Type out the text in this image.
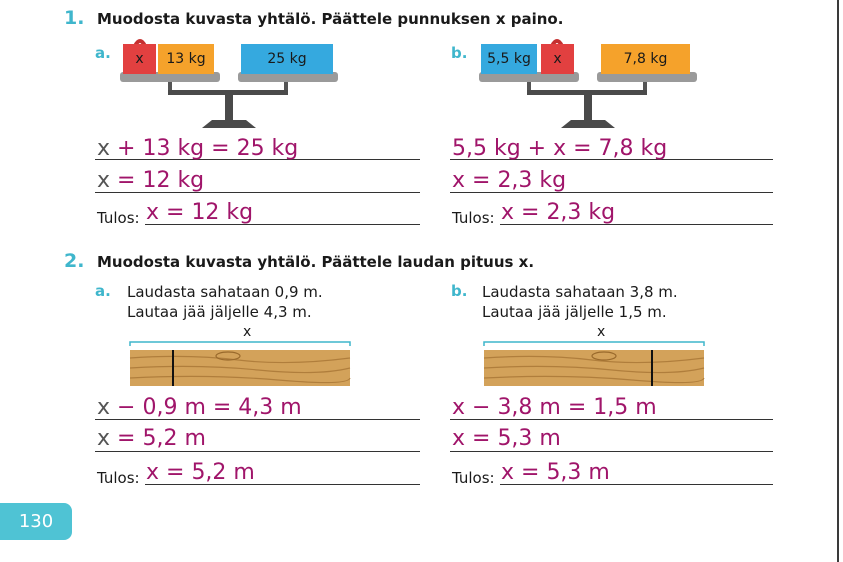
1. Muodosta kuvasta yhtälö. Päättele punnuksen x paino.
a.	x	13 kg	25 kg
x + 13 kg = 25 kg
x = 12 kg
Tulos: x = 12 kg
b.	5,5 kg	x	7,8 kg
5,5 kg + x = 7,8 kg
x = 2,3 kg
Tulos: x = 2,3 kg
2. Muodosta kuvasta yhtälö. Päättele laudan pituus x.
a. Laudasta sahataan 0,9 m.
Lautaa jää jäljelle 4,3 m.
x
x − 0,9 m = 4,3 m
x = 5,2 m
Tulos: x = 5,2 m
b. Laudasta sahataan 3,8 m.
Lautaa jää jäljelle 1,5 m.
x
x − 3,8 m = 1,5 m
x = 5,3 m
Tulos: x = 5,3 m
130
